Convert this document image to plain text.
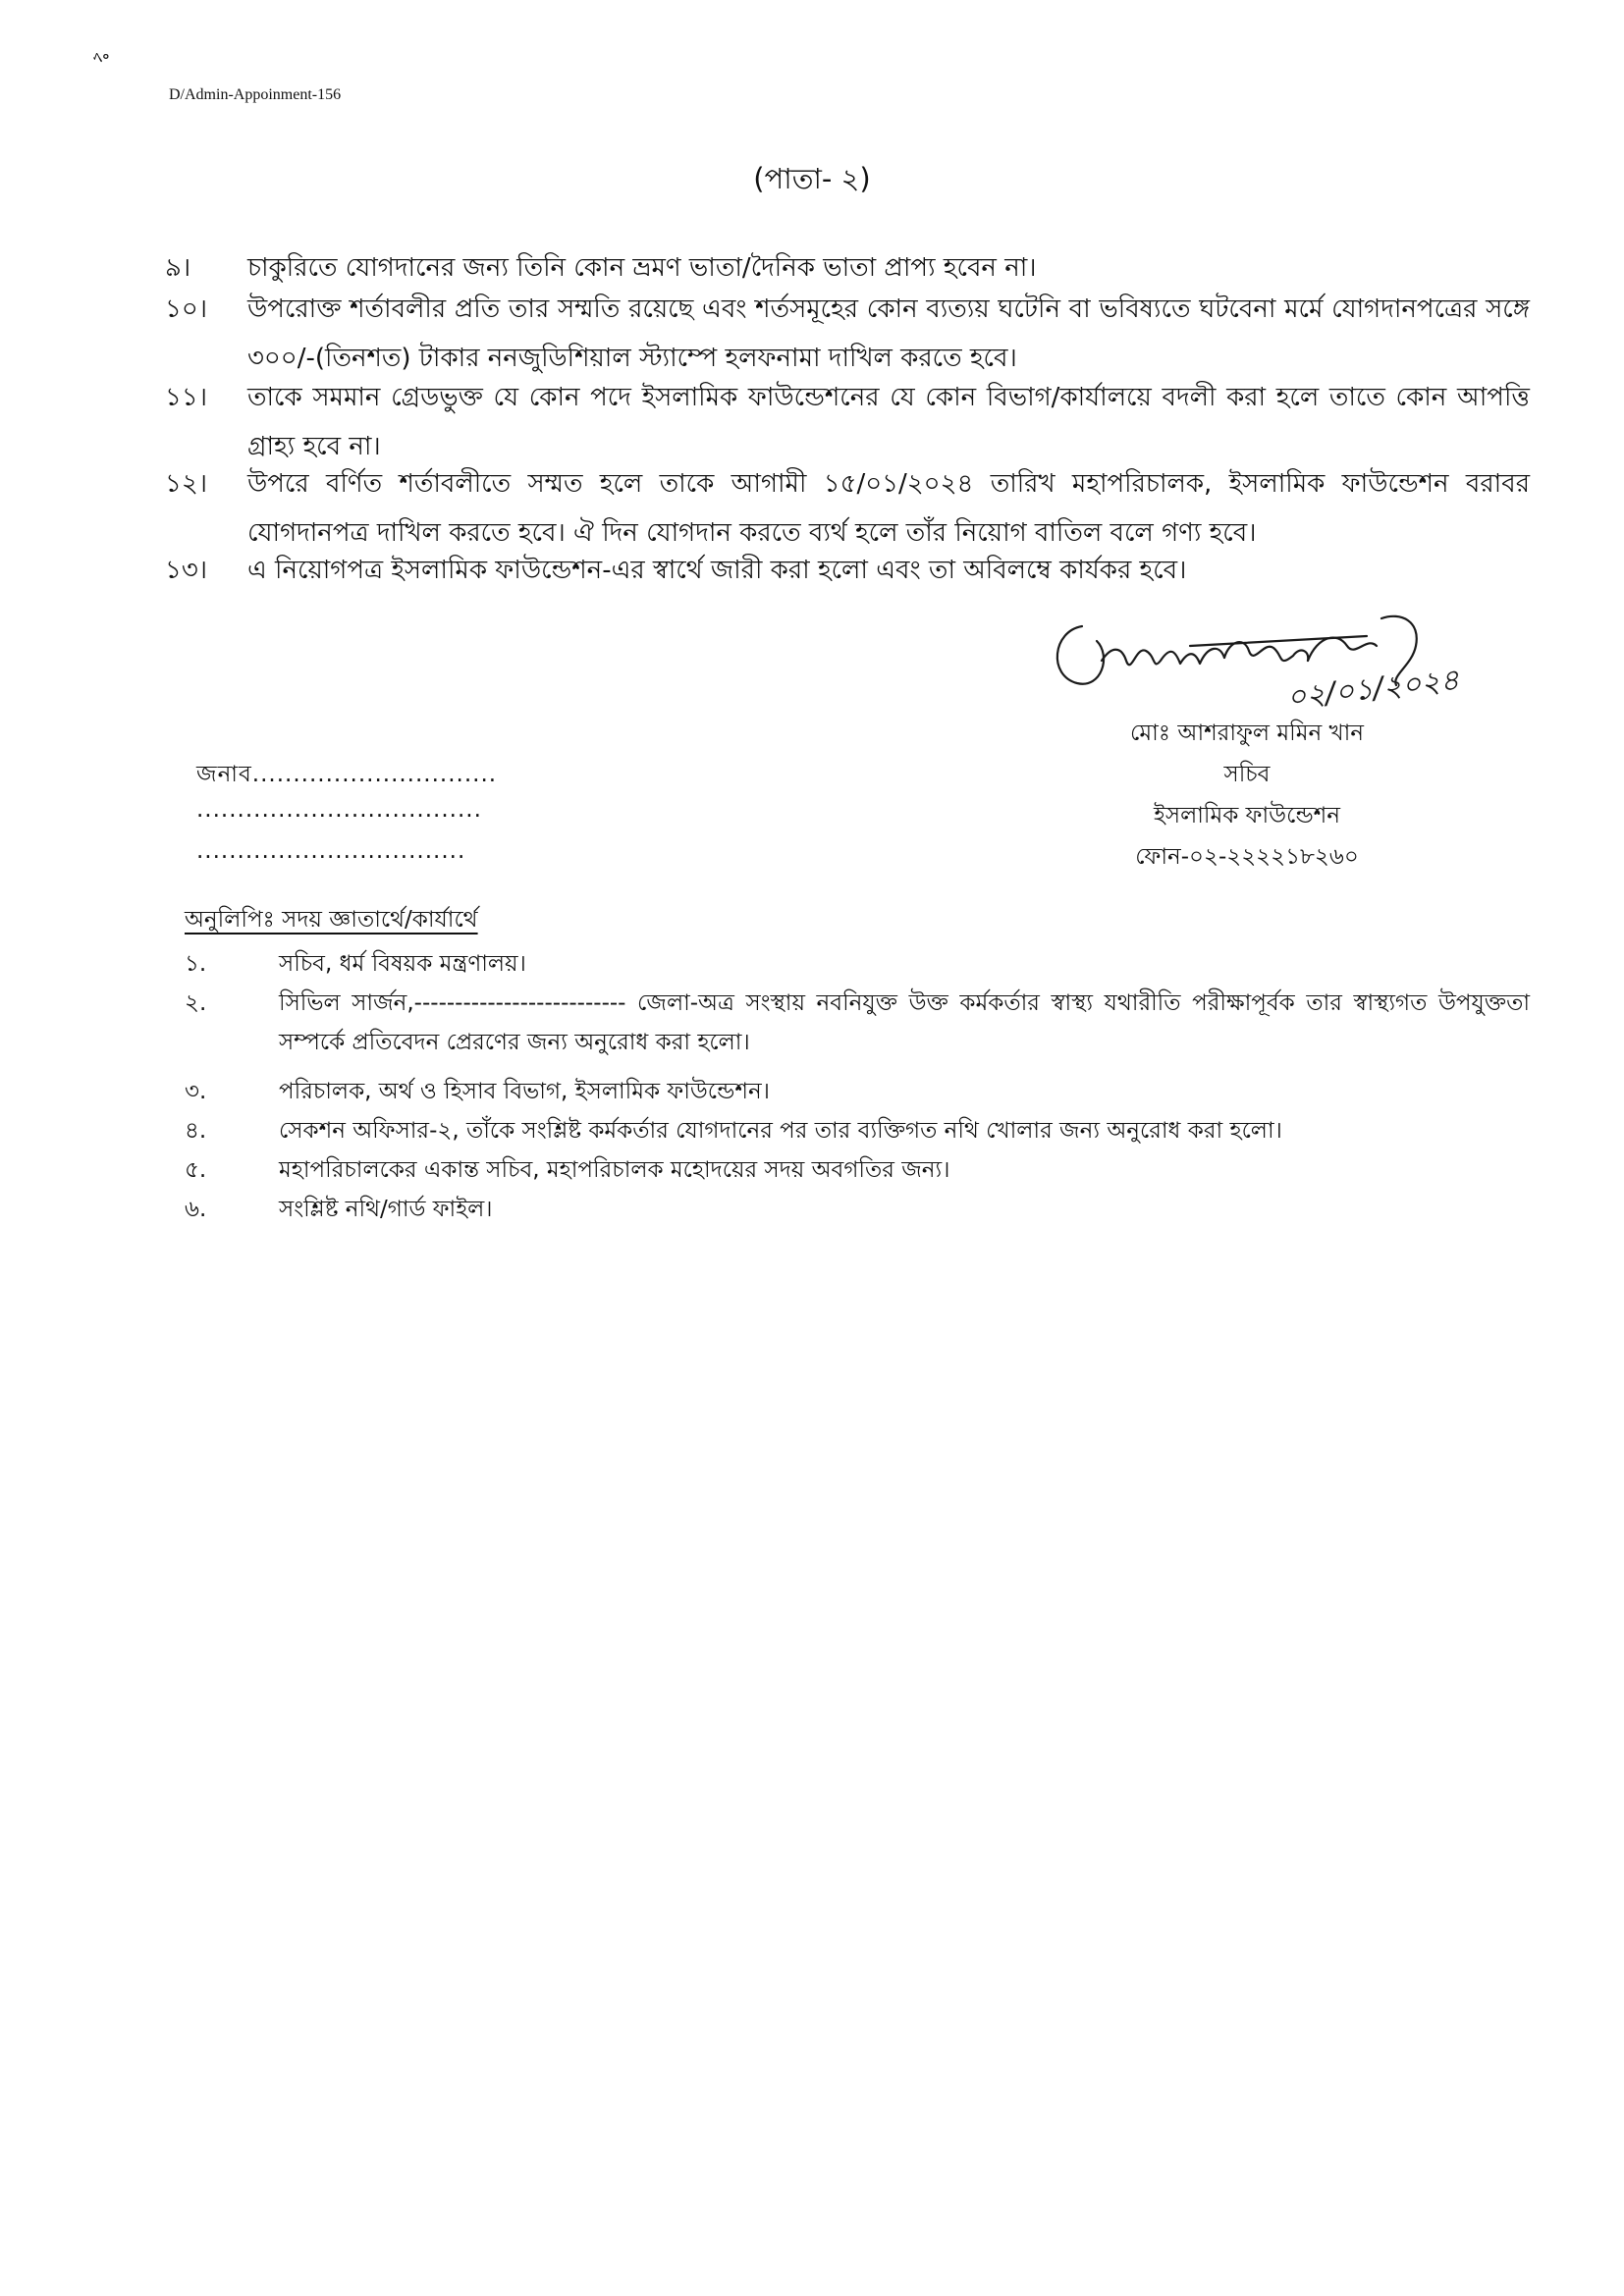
ﾍ॰
D/Admin-Appoinment-156
(পাতা- ২)
৯।	চাকুরিতে যোগদানের জন্য তিনি কোন ভ্রমণ ভাতা/দৈনিক ভাতা প্রাপ্য হবেন না।
১০।	উপরোক্ত শর্তাবলীর প্রতি তার সম্মতি রয়েছে এবং শর্তসমূহের কোন ব্যত্যয় ঘটেনি বা ভবিষ্যতে ঘটবেনা মর্মে যোগদানপত্রের সঙ্গে ৩০০/-(তিনশত) টাকার ননজুডিশিয়াল স্ট্যাম্পে হলফনামা দাখিল করতে হবে।
১১।	তাকে সমমান গ্রেডভুক্ত যে কোন পদে ইসলামিক ফাউন্ডেশনের যে কোন বিভাগ/কার্যালয়ে বদলী করা হলে তাতে কোন আপত্তি গ্রাহ্য হবে না।
১২।	উপরে বর্ণিত শর্তাবলীতে সম্মত হলে তাকে আগামী ১৫/০১/২০২৪ তারিখ মহাপরিচালক, ইসলামিক ফাউন্ডেশন বরাবর যোগদানপত্র দাখিল করতে হবে। ঐ দিন যোগদান করতে ব্যর্থ হলে তাঁর নিয়োগ বাতিল বলে গণ্য হবে।
১৩।	এ নিয়োগপত্র ইসলামিক ফাউন্ডেশন-এর স্বার্থে জারী করা হলো এবং তা অবিলম্বে কার্যকর হবে।
০২/০১/২০২৪
মোঃ আশরাফুল মমিন খান
সচিব
ইসলামিক ফাউন্ডেশন
ফোন-০২-২২২২১৮২৬০
জনাব..............................
...................................
.................................
অনুলিপিঃ সদয় জ্ঞাতার্থে/কার্যার্থে
১.	সচিব, ধর্ম বিষয়ক মন্ত্রণালয়।
২.	সিভিল সার্জন,-------------------------- জেলা-অত্র সংস্থায় নবনিযুক্ত উক্ত কর্মকর্তার স্বাস্থ্য যথারীতি পরীক্ষাপূর্বক তার স্বাস্থ্যগত উপযুক্ততা সম্পর্কে প্রতিবেদন প্রেরণের জন্য অনুরোধ করা হলো।
৩.	পরিচালক, অর্থ ও হিসাব বিভাগ, ইসলামিক ফাউন্ডেশন।
৪.	সেকশন অফিসার-২, তাঁকে সংশ্লিষ্ট কর্মকর্তার যোগদানের পর তার ব্যক্তিগত নথি খোলার জন্য অনুরোধ করা হলো।
৫.	মহাপরিচালকের একান্ত সচিব, মহাপরিচালক মহোদয়ের সদয় অবগতির জন্য।
৬.	সংশ্লিষ্ট নথি/গার্ড ফাইল।
